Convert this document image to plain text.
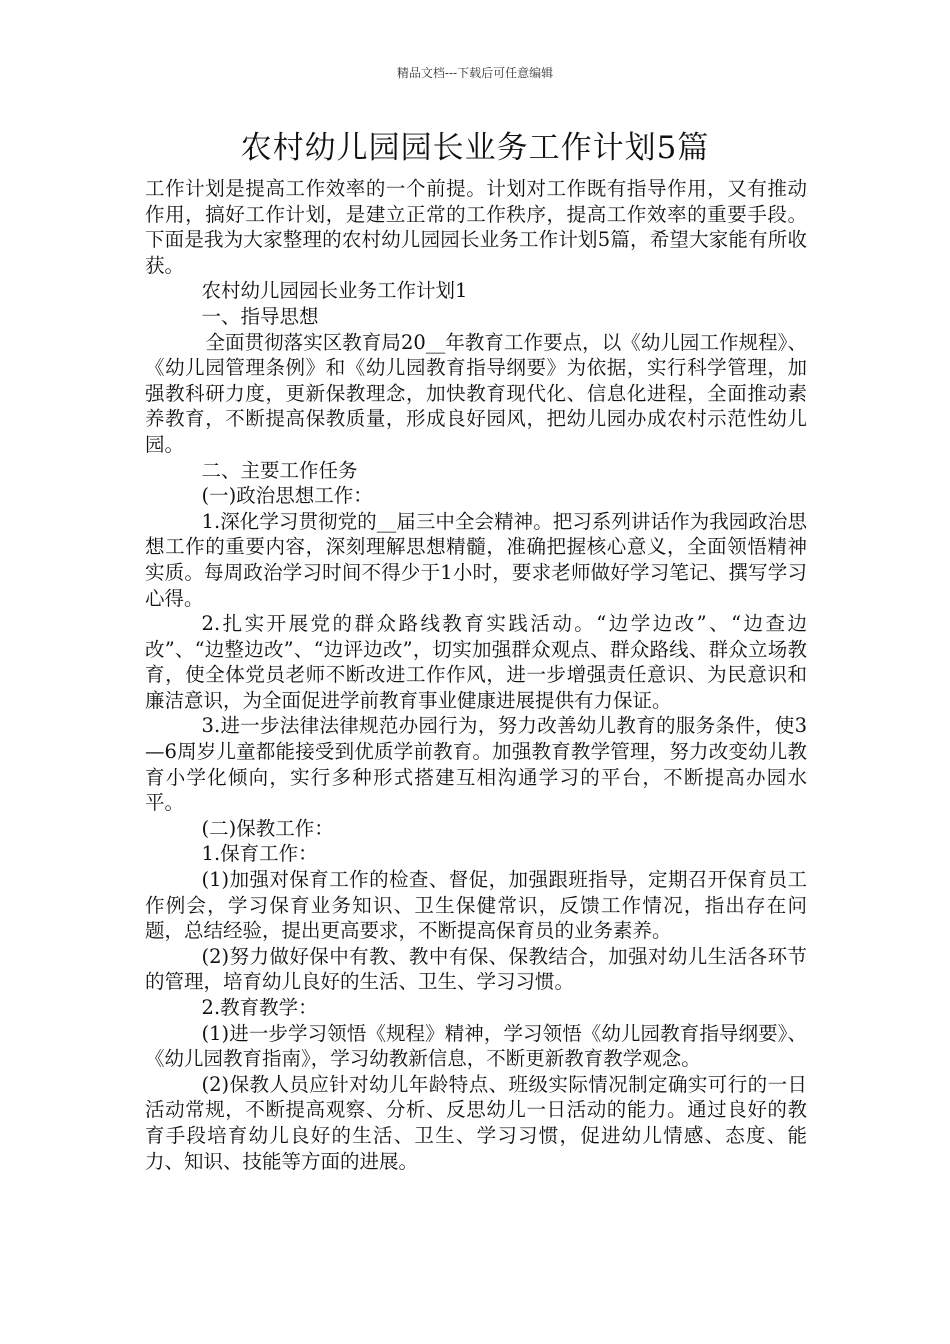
精品文档---下载后可任意编辑
农村幼儿园园长业务工作计划5篇

工作计划是提高工作效率的一个前提。计划对工作既有指导作用，又有推动作用，搞好工作计划，是建立正常的工作秩序，提高工作效率的重要手段。下面是我为大家整理的农村幼儿园园长业务工作计划5篇，希望大家能有所收获。

农村幼儿园园长业务工作计划1

一、指导思想

全面贯彻落实区教育局20__年教育工作要点，以《幼儿园工作规程》、《幼儿园管理条例》和《幼儿园教育指导纲要》为依据，实行科学管理，加强教科研力度，更新保教理念，加快教育现代化、信息化进程，全面推动素养教育，不断提高保教质量，形成良好园风，把幼儿园办成农村示范性幼儿园。

二、主要工作任务

(一)政治思想工作：

1.深化学习贯彻党的__届三中全会精神。把习系列讲话作为我园政治思想工作的重要内容，深刻理解思想精髓，准确把握核心意义，全面领悟精神实质。每周政治学习时间不得少于1小时，要求老师做好学习笔记、撰写学习心得。

2.扎实开展党的群众路线教育实践活动。“边学边改”、“边查边改”、“边整边改”、“边评边改”，切实加强群众观点、群众路线、群众立场教育，使全体党员老师不断改进工作作风，进一步增强责任意识、为民意识和廉洁意识，为全面促进学前教育事业健康进展提供有力保证。

3.进一步法律法律规范办园行为，努力改善幼儿教育的服务条件，使3—6周岁儿童都能接受到优质学前教育。加强教育教学管理，努力改变幼儿教育小学化倾向，实行多种形式搭建互相沟通学习的平台，不断提高办园水平。

(二)保教工作：

1.保育工作：

(1)加强对保育工作的检查、督促，加强跟班指导，定期召开保育员工作例会，学习保育业务知识、卫生保健常识，反馈工作情况，指出存在问题，总结经验，提出更高要求，不断提高保育员的业务素养。

(2)努力做好保中有教、教中有保、保教结合，加强对幼儿生活各环节的管理，培育幼儿良好的生活、卫生、学习习惯。

2.教育教学：

(1)进一步学习领悟《规程》精神，学习领悟《幼儿园教育指导纲要》、《幼儿园教育指南》，学习幼教新信息，不断更新教育教学观念。

(2)保教人员应针对幼儿年龄特点、班级实际情况制定确实可行的一日活动常规，不断提高观察、分析、反思幼儿一日活动的能力。通过良好的教育手段培育幼儿良好的生活、卫生、学习习惯，促进幼儿情感、态度、能力、知识、技能等方面的进展。
